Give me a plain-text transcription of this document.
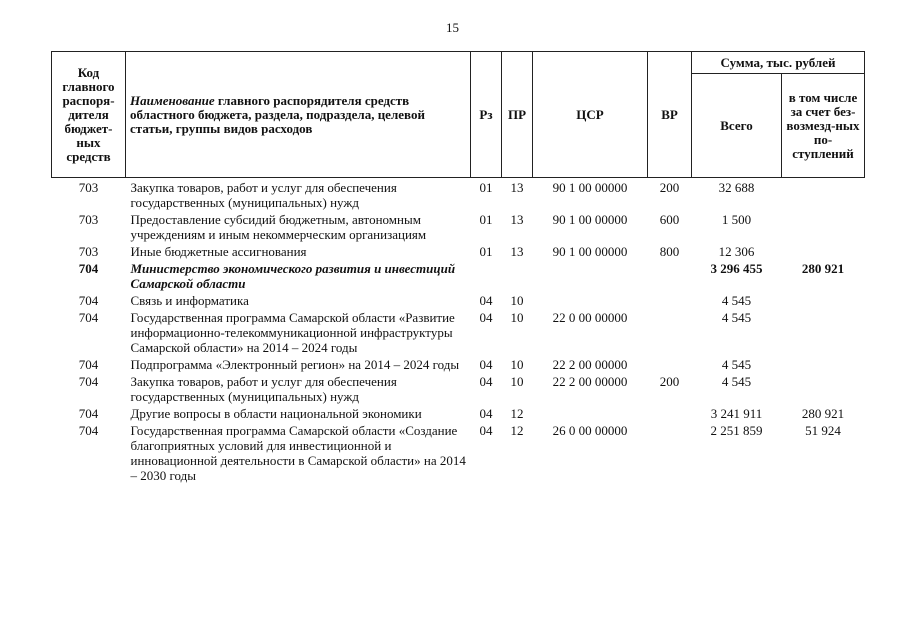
15
Код главного распоря-дителя бюджет-ных средств	Наименование главного распорядителя средств областного бюджета, раздела, подраздела, целевой статьи, группы видов расходов	Рз	ПР	ЦСР	ВР	Сумма, тыс. рублей	
						Всего	в том числе за счет без-возмезд-ных по-ступлений
703	Закупка товаров, работ и услуг для обеспечения государственных (муниципальных) нужд	01	13	90 1 00 00000	200	32 688	
703	Предоставление субсидий бюджетным, автономным учреждениям и иным некоммерческим организациям	01	13	90 1 00 00000	600	1 500	
703	Иные бюджетные ассигнования	01	13	90 1 00 00000	800	12 306	
704	Министерство экономического развития и инвестиций Самарской области					3 296 455	280 921
704	Связь и информатика	04	10			4 545	
704	Государственная программа Самарской области «Развитие информационно-телекоммуникационной инфраструктуры Самарской области» на 2014 – 2024 годы	04	10	22 0 00 00000		4 545	
704	Подпрограмма «Электронный регион» на 2014 – 2024 годы	04	10	22 2 00 00000		4 545	
704	Закупка товаров, работ и услуг для обеспечения государственных (муниципальных) нужд	04	10	22 2 00 00000	200	4 545	
704	Другие вопросы в области национальной экономики	04	12			3 241 911	280 921
704	Государственная программа Самарской области «Создание благоприятных условий для инвестиционной и инновационной деятельности в Самарской области» на 2014 – 2030 годы	04	12	26 0 00 00000		2 251 859	51 924
